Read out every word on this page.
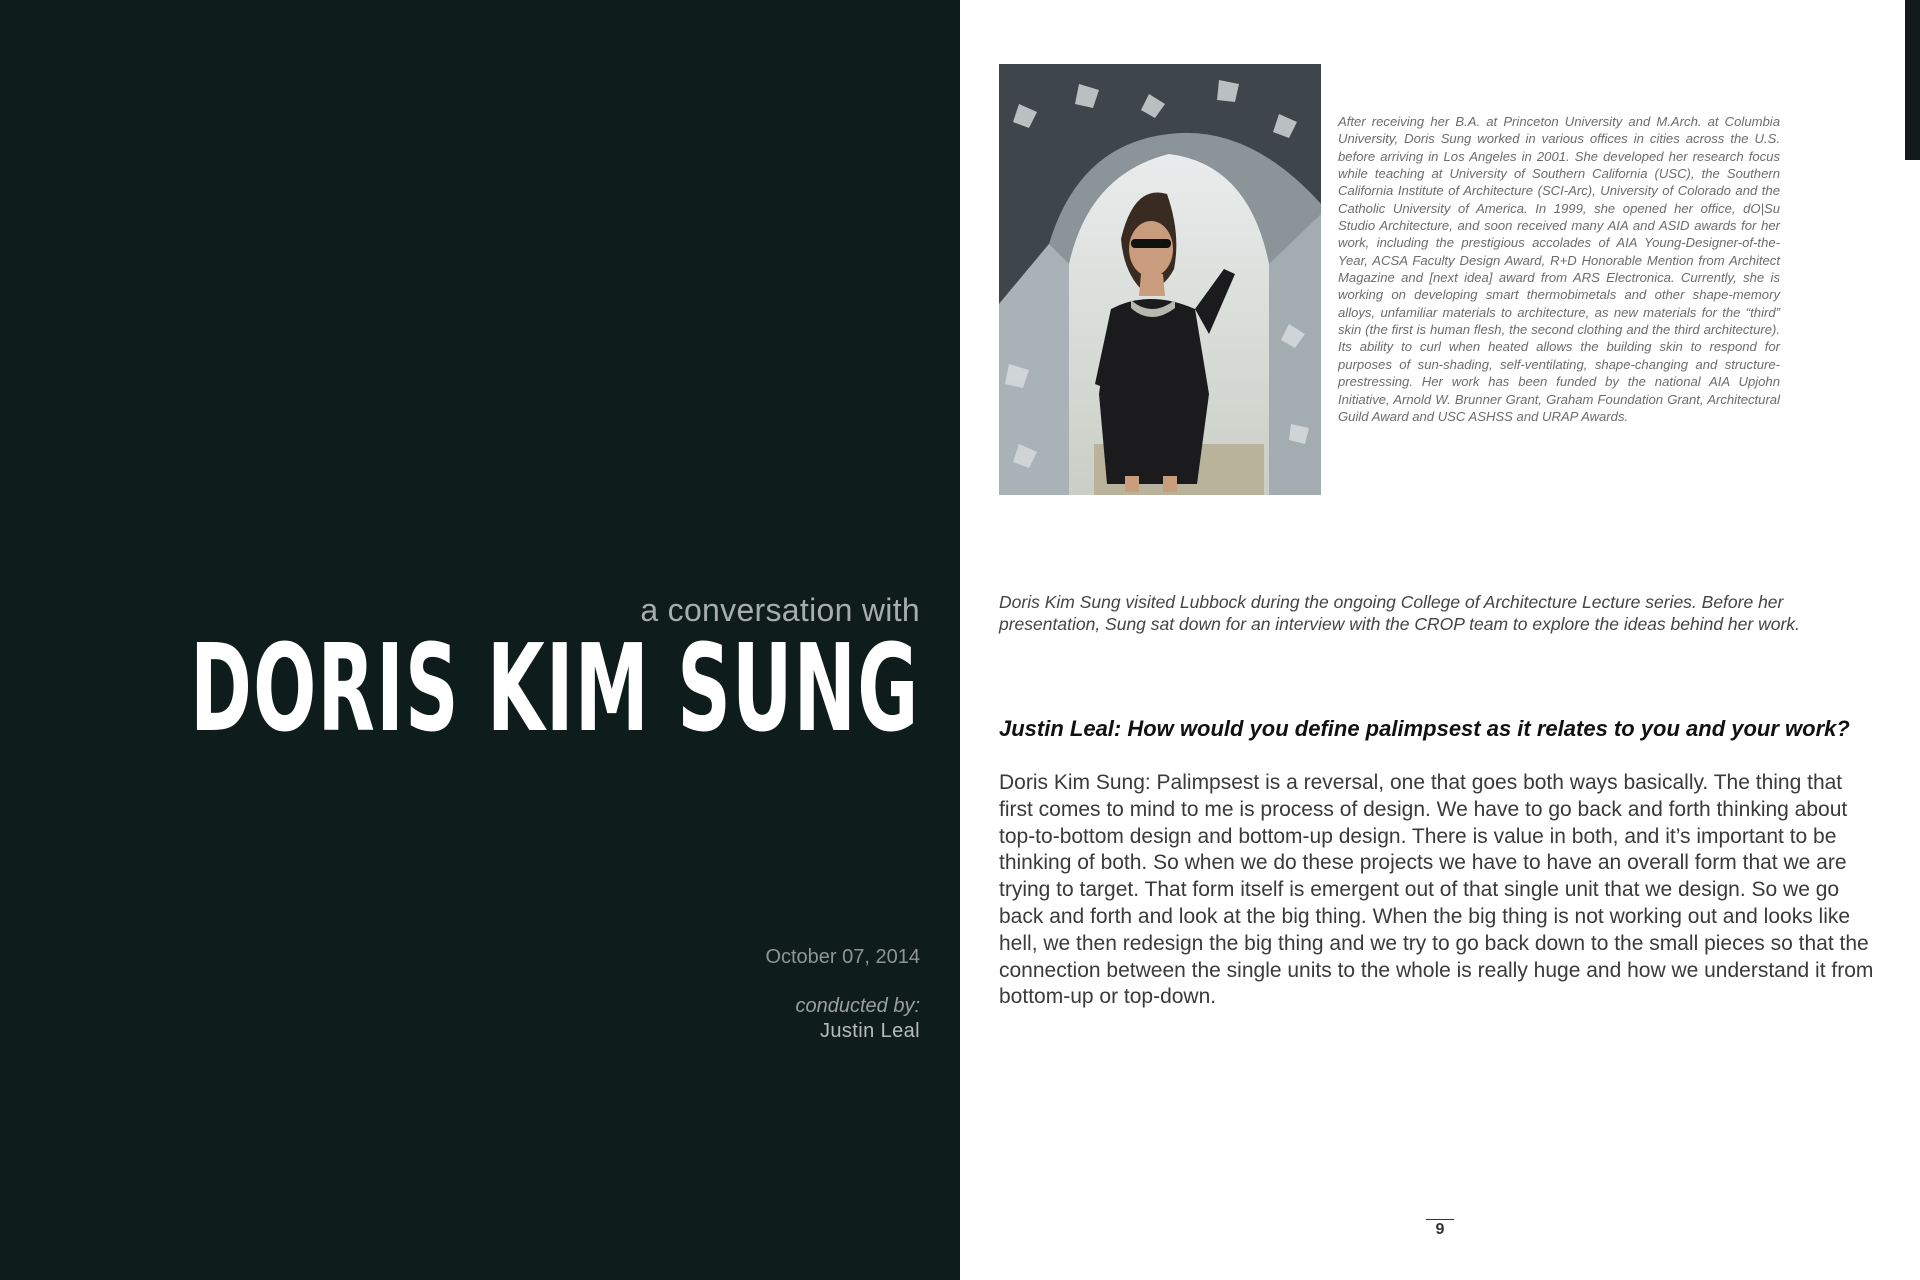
a conversation with

DORIS KIM SUNG
October 07, 2014
conducted by:
Justin Leal

After receiving her B.A. at Princeton University and M.Arch. at Columbia University, Doris Sung worked in various offices in cities across the U.S. before arriving in Los Angeles in 2001. She developed her research focus while teaching at University of Southern California (USC), the Southern California Institute of Architecture (SCI-Arc), University of Colorado and the Catholic University of America. In 1999, she opened her office, dO|Su Studio Architecture, and soon received many AIA and ASID awards for her work, including the prestigious accolades of AIA Young-Designer-of-the-Year, ACSA Faculty Design Award, R+D Honorable Mention from Architect Magazine and [next idea] award from ARS Electronica. Currently, she is working on developing smart thermobimetals and other shape-memory alloys, unfamiliar materials to architecture, as new materials for the “third” skin (the first is human flesh, the second clothing and the third architecture). Its ability to curl when heated allows the building skin to respond for purposes of sun-shading, self-ventilating, shape-changing and structure-prestressing. Her work has been funded by the national AIA Upjohn Initiative, Arnold W. Brunner Grant, Graham Foundation Grant, Architectural Guild Award and USC ASHSS and URAP Awards.

Doris Kim Sung visited Lubbock during the ongoing College of Architecture Lecture series. Before her presentation, Sung sat down for an interview with the CROP team to explore the ideas behind her work.

Justin Leal: How would you define palimpsest as it relates to you and your work?

Doris Kim Sung: Palimpsest is a reversal, one that goes both ways basically. The thing that first comes to mind to me is process of design. We have to go back and forth thinking about top-to-bottom design and bottom-up design. There is value in both, and it’s important to be thinking of both. So when we do these projects we have to have an overall form that we are trying to target. That form itself is emergent out of that single unit that we design. So we go back and forth and look at the big thing. When the big thing is not working out and looks like hell, we then redesign the big thing and we try to go back down to the small pieces so that the connection between the single units to the whole is really huge and how we understand it from bottom-up or top-down.

9
